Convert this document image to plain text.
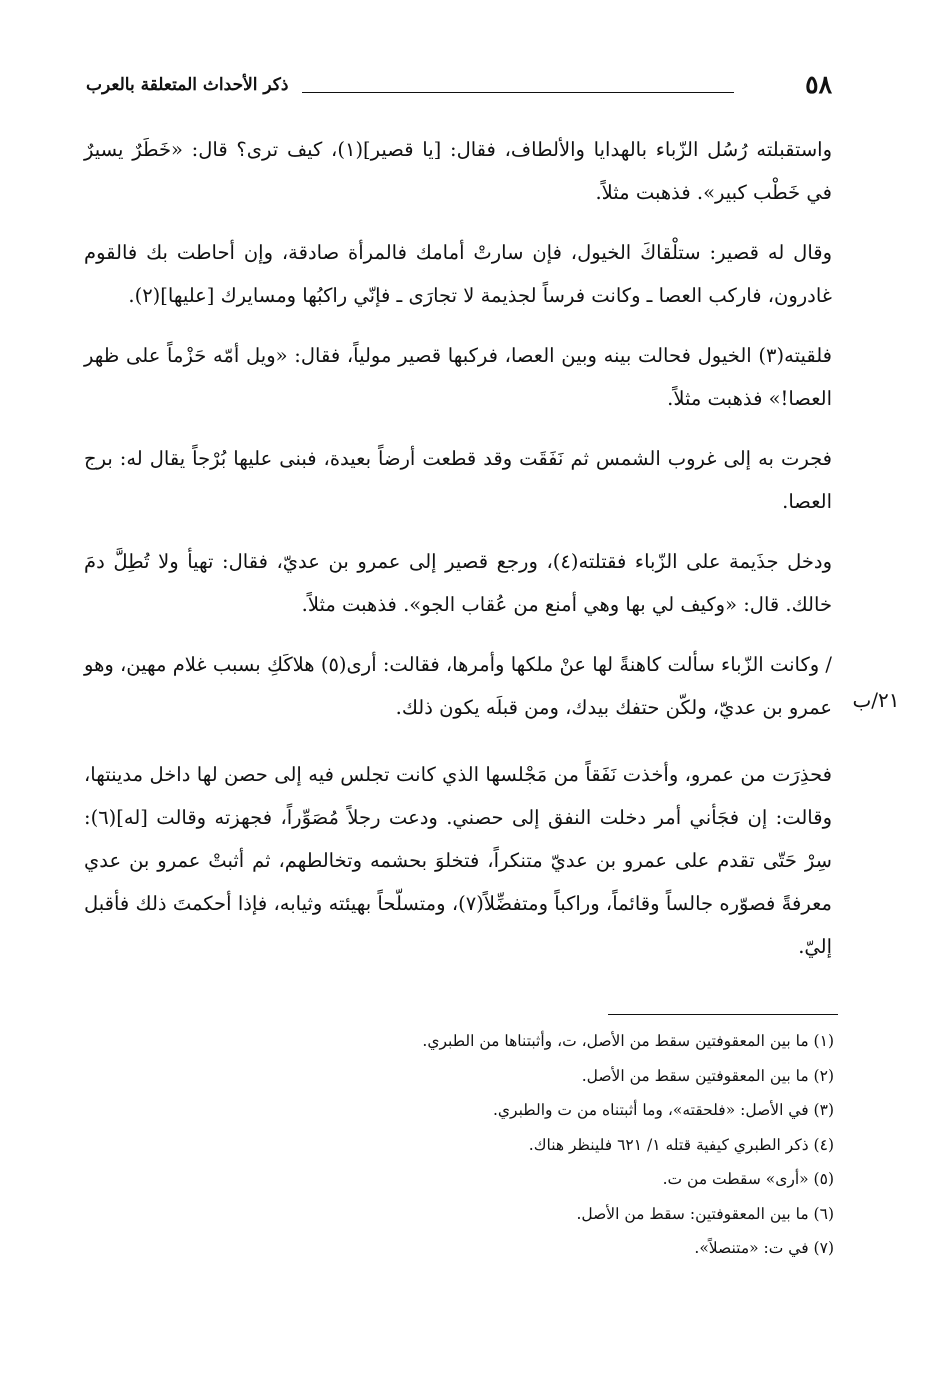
٥٨
ذكر الأحداث المتعلقة بالعرب
٢١/ب

واستقبلته رُسُل الزّباء بالهدايا والألطاف، فقال: [يا قصير](١)، كيف ترى؟ قال: «خَطَرٌ يسيرٌ في خَطْب كبير». فذهبت مثلاً.

وقال له قصير: ستلْقاكَ الخيول، فإن سارتْ أمامك فالمرأة صادقة، وإن أحاطت بك فالقوم غادرون، فاركب العصا ـ وكانت فرساً لجذيمة لا تجارَى ـ فإنّي راكبُها ومسايرك [عليها](٢).

فلقيته(٣) الخيول فحالت بينه وبين العصا، فركبها قصير مولياً، فقال: «ويل أمّه حَزْماً على ظهر العصا!» فذهبت مثلاً.

فجرت به إلى غروب الشمس ثم نَفَقَت وقد قطعت أرضاً بعيدة، فبنى عليها بُرْجاً يقال له: برج العصا.

ودخل جذَيمة على الزّباء فقتلته(٤)، ورجع قصير إلى عمرو بن عديّ، فقال: تهيأ ولا تُطِلَّ دمَ خالك. قال: «وكيف لي بها وهي أمنع من عُقاب الجو». فذهبت مثلاً.

/ وكانت الزّباء سألت كاهنةً لها عنْ ملكها وأمرها، فقالت: أرى(٥) هلاكَكِ بسبب غلام مهين، وهو عمرو بن عديّ، ولكّن حتفك بيدك، ومن قبلَه يكون ذلك.

فحذِرَت من عمرو، وأخذت نَفَقاً من مَجْلسها الذي كانت تجلس فيه إلى حصن لها داخل مدينتها، وقالت: إن فجَأني أمر دخلت النفق إلى حصني. ودعت رجلاً مُصَوِّراً، فجهزته وقالت [له](٦): سِرْ حَتّى تقدم على عمرو بن عديّ متنكراً، فتخلوَ بحشمه وتخالطهم، ثم أثبتْ عمرو بن عدي معرفةً فصوّره جالساً وقائماً، وراكباً ومتفضِّلاً(٧)، ومتسلّحاً بهيئته وثيابه، فإذا أحكمتَ ذلك فأقبل إليّ.

(١) ما بين المعقوفتين سقط من الأصل، ت، وأثبتناها من الطبري.
(٢) ما بين المعقوفتين سقط من الأصل.
(٣) في الأصل: «فلحقته»، وما أثبتناه من ت والطبري.
(٤) ذكر الطبري كيفية قتله ١/ ٦٢١ فلينظر هناك.
(٥) «أرى» سقطت من ت.
(٦) ما بين المعقوفتين: سقط من الأصل.
(٧) في ت: «متنصلاً».
